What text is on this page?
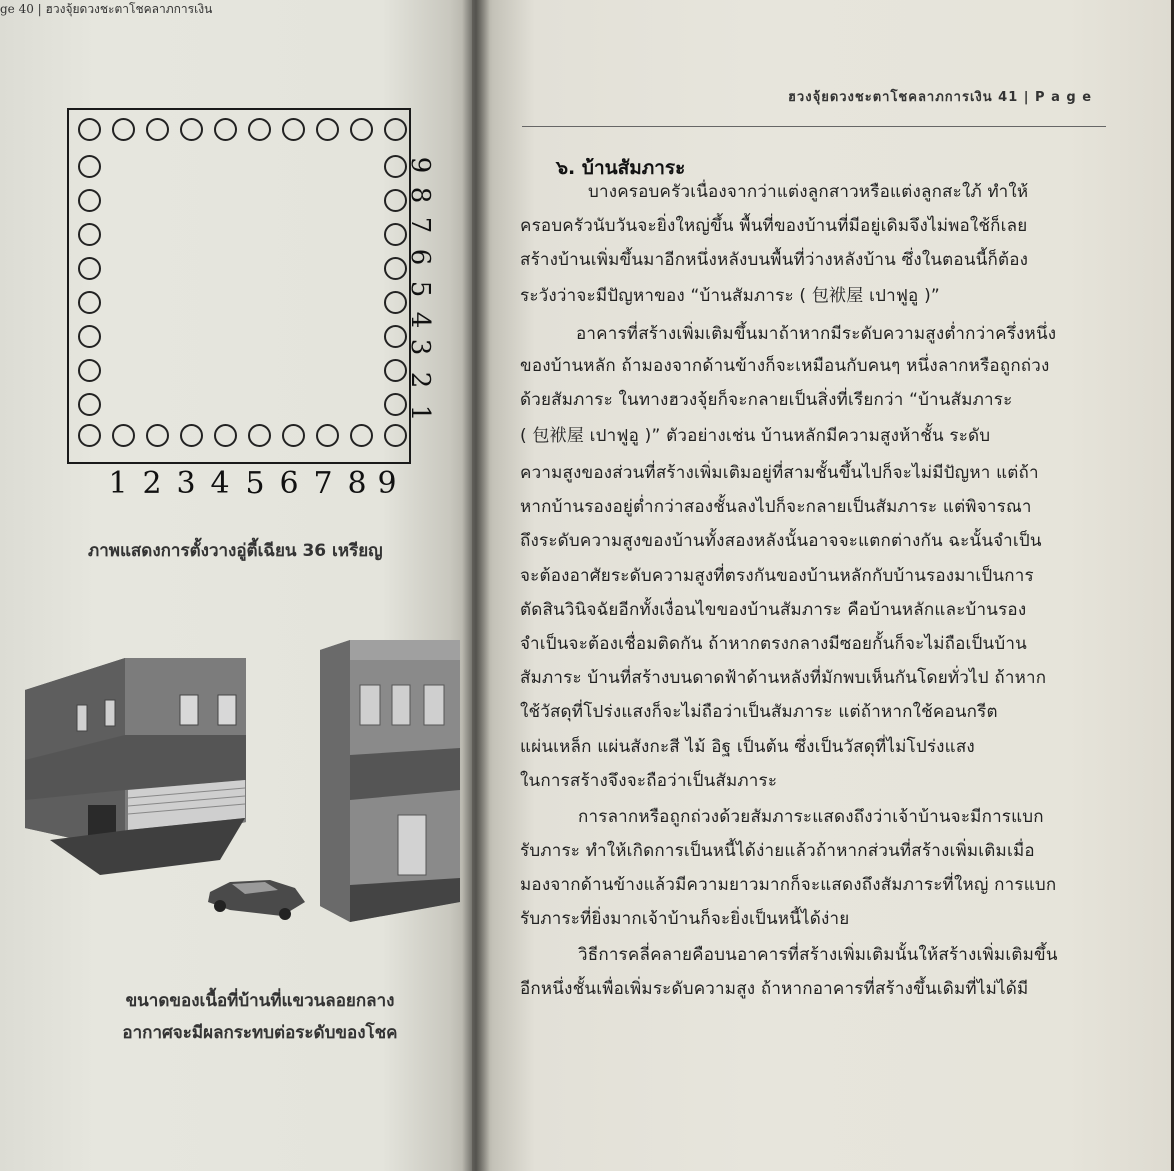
ge 40 | ฮวงจุ้ยดวงชะตาโชคลาภการเงิน
1 2 3 4 5 6 7 8 9
1
2
3
4
5
6
7
8
9
ภาพแสดงการตั้งวางอู่ตี้เฉียน 36 เหรียญ
ขนาดของเนื้อที่บ้านที่แขวนลอยกลาง
อากาศจะมีผลกระทบต่อระดับของโชค
ฮวงจุ้ยดวงชะตาโชคลาภการเงิน 41 | P a g e
๖. บ้านสัมภาระ
บางครอบครัวเนื่องจากว่าแต่งลูกสาวหรือแต่งลูกสะใภ้ ทำให้
ครอบครัวนับวันจะยิ่งใหญ่ขึ้น พื้นที่ของบ้านที่มีอยู่เดิมจึงไม่พอใช้ก็เลย
สร้างบ้านเพิ่มขึ้นมาอีกหนึ่งหลังบนพื้นที่ว่างหลังบ้าน ซึ่งในตอนนี้ก็ต้อง
ระวังว่าจะมีปัญหาของ “บ้านสัมภาระ ( 包袱屋 เปาฟูอู )”
อาคารที่สร้างเพิ่มเติมขึ้นมาถ้าหากมีระดับความสูงต่ำกว่าครึ่งหนึ่ง
ของบ้านหลัก ถ้ามองจากด้านข้างก็จะเหมือนกับคนๆ หนึ่งลากหรือถูกถ่วง
ด้วยสัมภาระ ในทางฮวงจุ้ยก็จะกลายเป็นสิ่งที่เรียกว่า “บ้านสัมภาระ
( 包袱屋 เปาฟูอู )” ตัวอย่างเช่น บ้านหลักมีความสูงห้าชั้น ระดับ
ความสูงของส่วนที่สร้างเพิ่มเติมอยู่ที่สามชั้นขึ้นไปก็จะไม่มีปัญหา แต่ถ้า
หากบ้านรองอยู่ต่ำกว่าสองชั้นลงไปก็จะกลายเป็นสัมภาระ แต่พิจารณา
ถึงระดับความสูงของบ้านทั้งสองหลังนั้นอาจจะแตกต่างกัน ฉะนั้นจำเป็น
จะต้องอาศัยระดับความสูงที่ตรงกันของบ้านหลักกับบ้านรองมาเป็นการ
ตัดสินวินิจฉัยอีกทั้งเงื่อนไขของบ้านสัมภาระ คือบ้านหลักและบ้านรอง
จำเป็นจะต้องเชื่อมติดกัน ถ้าหากตรงกลางมีซอยกั้นก็จะไม่ถือเป็นบ้าน
สัมภาระ บ้านที่สร้างบนดาดฟ้าด้านหลังที่มักพบเห็นกันโดยทั่วไป ถ้าหาก
ใช้วัสดุที่โปร่งแสงก็จะไม่ถือว่าเป็นสัมภาระ แต่ถ้าหากใช้คอนกรีต
แผ่นเหล็ก แผ่นสังกะสี ไม้ อิฐ เป็นต้น ซึ่งเป็นวัสดุที่ไม่โปร่งแสง
ในการสร้างจึงจะถือว่าเป็นสัมภาระ
การลากหรือถูกถ่วงด้วยสัมภาระแสดงถึงว่าเจ้าบ้านจะมีการแบก
รับภาระ ทำให้เกิดการเป็นหนี้ได้ง่ายแล้วถ้าหากส่วนที่สร้างเพิ่มเติมเมื่อ
มองจากด้านข้างแล้วมีความยาวมากก็จะแสดงถึงสัมภาระที่ใหญ่ การแบก
รับภาระที่ยิ่งมากเจ้าบ้านก็จะยิ่งเป็นหนี้ได้ง่าย
วิธีการคลี่คลายคือบนอาคารที่สร้างเพิ่มเติมนั้นให้สร้างเพิ่มเติมขึ้น
อีกหนึ่งชั้นเพื่อเพิ่มระดับความสูง ถ้าหากอาคารที่สร้างขึ้นเดิมที่ไม่ได้มี
